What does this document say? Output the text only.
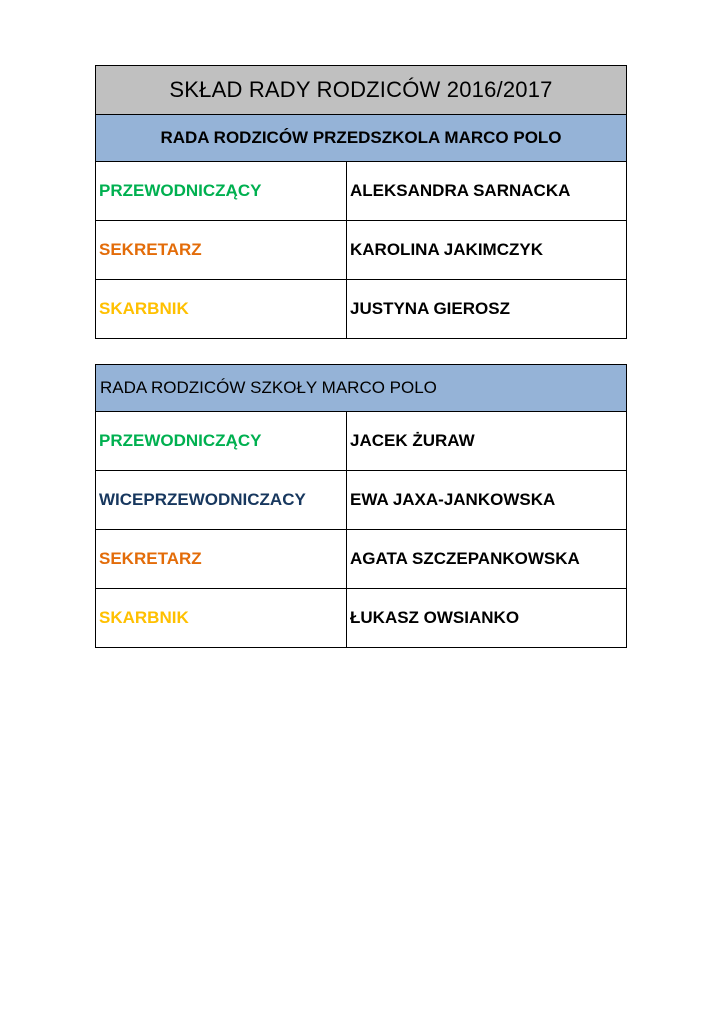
SKŁAD RADY RODZICÓW 2016/2017
RADA RODZICÓW PRZEDSZKOLA MARCO POLO
PRZEWODNICZĄCY	ALEKSANDRA SARNACKA
SEKRETARZ	KAROLINA JAKIMCZYK
SKARBNIK	JUSTYNA GIEROSZ
RADA RODZICÓW SZKOŁY MARCO POLO
PRZEWODNICZĄCY	JACEK ŻURAW
WICEPRZEWODNICZACY	EWA JAXA-JANKOWSKA
SEKRETARZ	AGATA SZCZEPANKOWSKA
SKARBNIK	ŁUKASZ OWSIANKO
